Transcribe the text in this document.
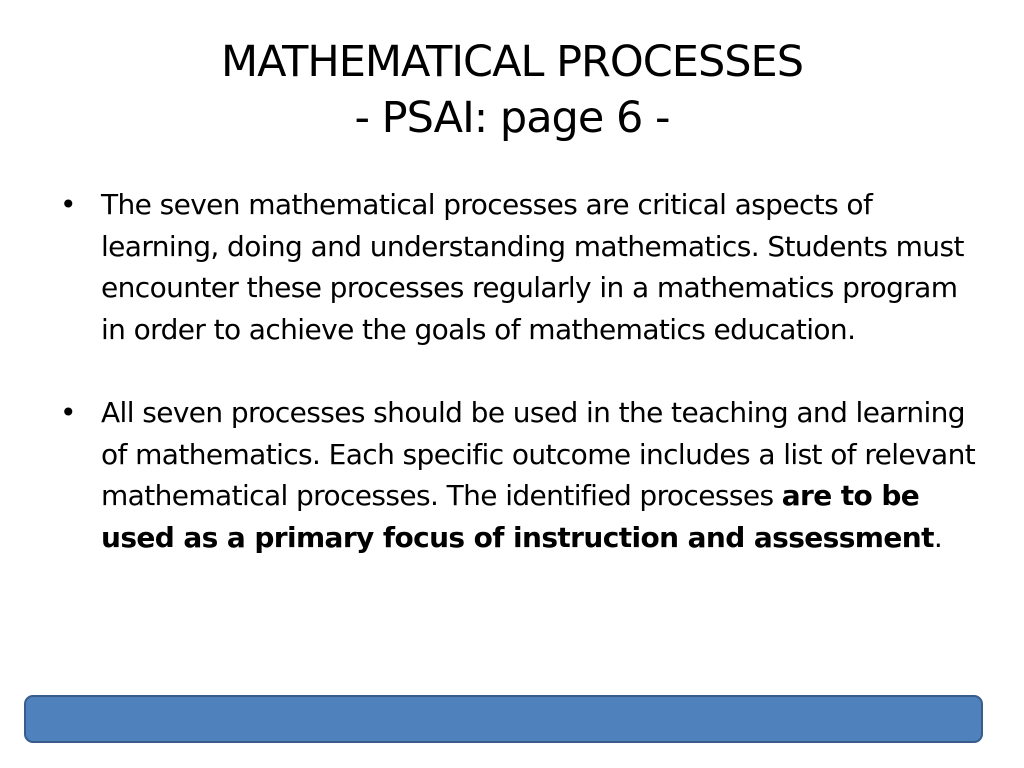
MATHEMATICAL PROCESSES
- PSAI: page 6 -

• The seven mathematical processes are critical aspects of learning, doing and understanding mathematics. Students must encounter these processes regularly in a mathematics program in order to achieve the goals of mathematics education.

• All seven processes should be used in the teaching and learning of mathematics. Each specific outcome includes a list of relevant mathematical processes. The identified processes are to be used as a primary focus of instruction and assessment.
